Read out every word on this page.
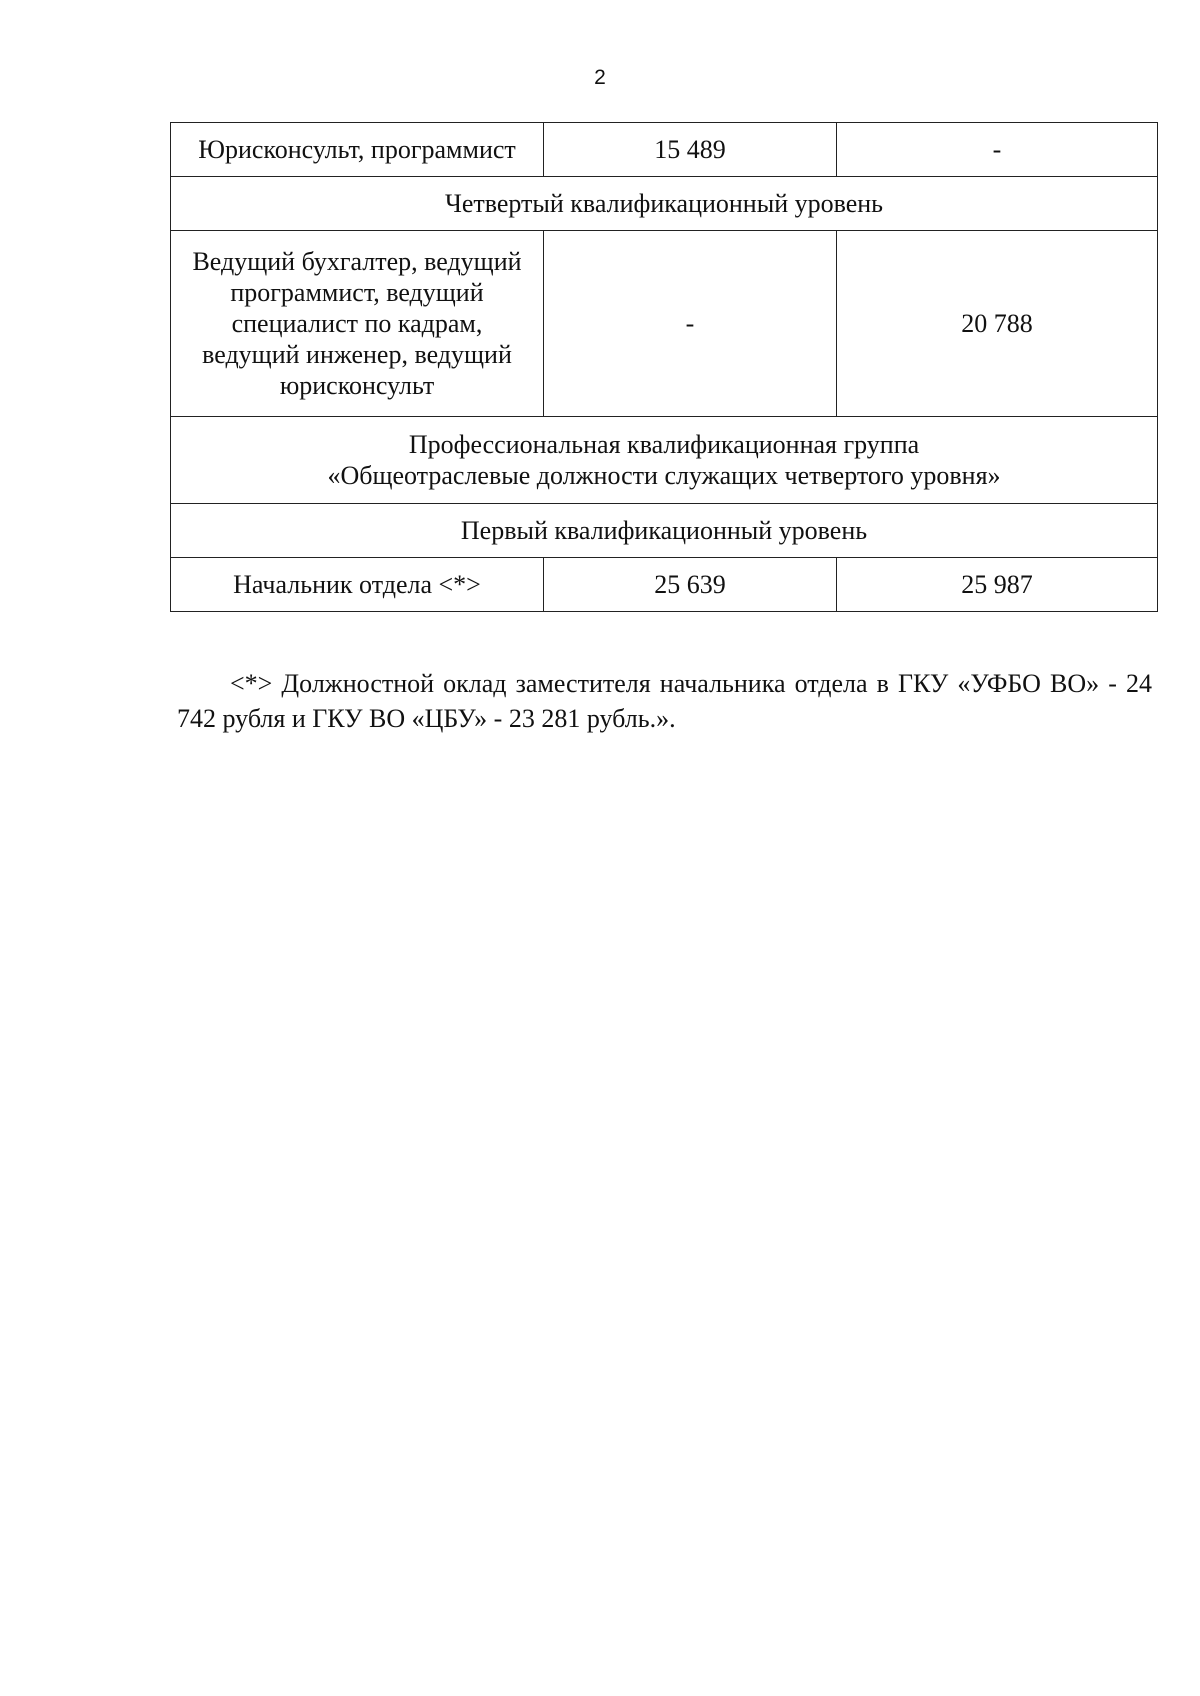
2
Юрисконсульт, программист	15 489	-
Четвертый квалификационный уровень		

Ведущий бухгалтер, ведущий
программист, ведущий
специалист по кадрам,
ведущий инженер, ведущий
юрисконсульт	-	20 788

Профессиональная квалификационная группа
«Общеотраслевые должности служащих четвертого уровня»		

Первый квалификационный уровень		
Начальник отдела <*>	25 639	25 987
<*> Должностной оклад заместителя начальника отдела в ГКУ «УФБО ВО» - 24 742 рубля и ГКУ ВО «ЦБУ» - 23 281 рубль.».
